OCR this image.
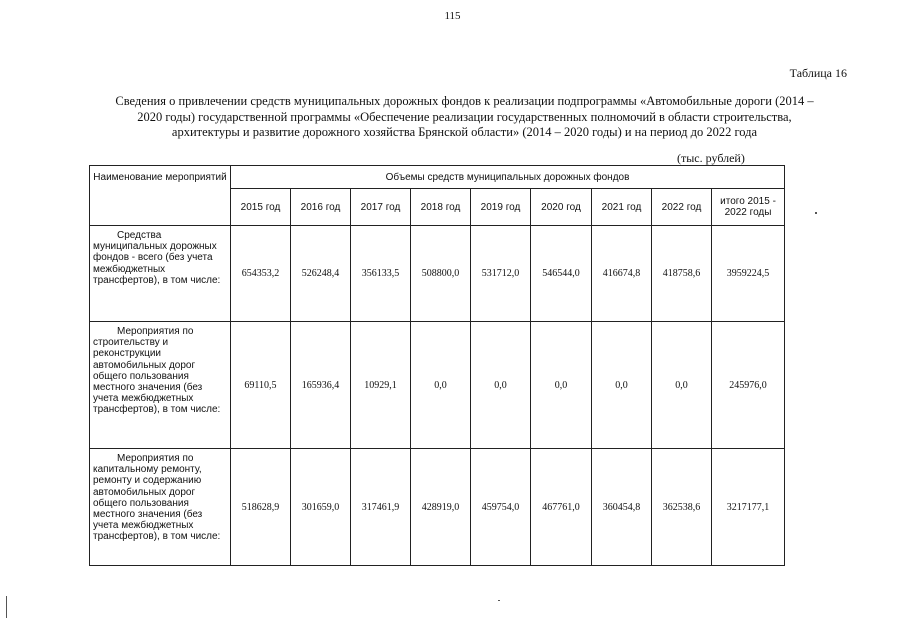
115
Таблица 16
Сведения о привлечении средств муниципальных дорожных фондов к реализации подпрограммы «Автомобильные дороги (2014 – 2020 годы) государственной программы «Обеспечение реализации государственных полномочий в области строительства, архитектуры и развитие дорожного хозяйства Брянской области» (2014 – 2020 годы) и на период до 2022 года
(тыс. рублей)
Наименование мероприятий	Объемы средств муниципальных дорожных фондов								
	2015 год	2016 год	2017 год	2018 год	2019 год	2020 год	2021 год	2022 год	итого 2015 - 2022 годы

Средства муниципальных дорожных фондов - всего (без учета межбюджетных трансфертов), в том числе:	654353,2	526248,4	356133,5	508800,0	531712,0	546544,0	416674,8	418758,6	3959224,5

Мероприятия по строительству и реконструкции автомобильных дорог общего пользования местного значения (без учета межбюджетных трансфертов), в том числе:	69110,5	165936,4	10929,1	0,0	0,0	0,0	0,0	0,0	245976,0

Мероприятия по капитальному ремонту, ремонту и содержанию автомобильных дорог общего пользования местного значения (без учета межбюджетных трансфертов), в том числе:	518628,9	301659,0	317461,9	428919,0	459754,0	467761,0	360454,8	362538,6	3217177,1
